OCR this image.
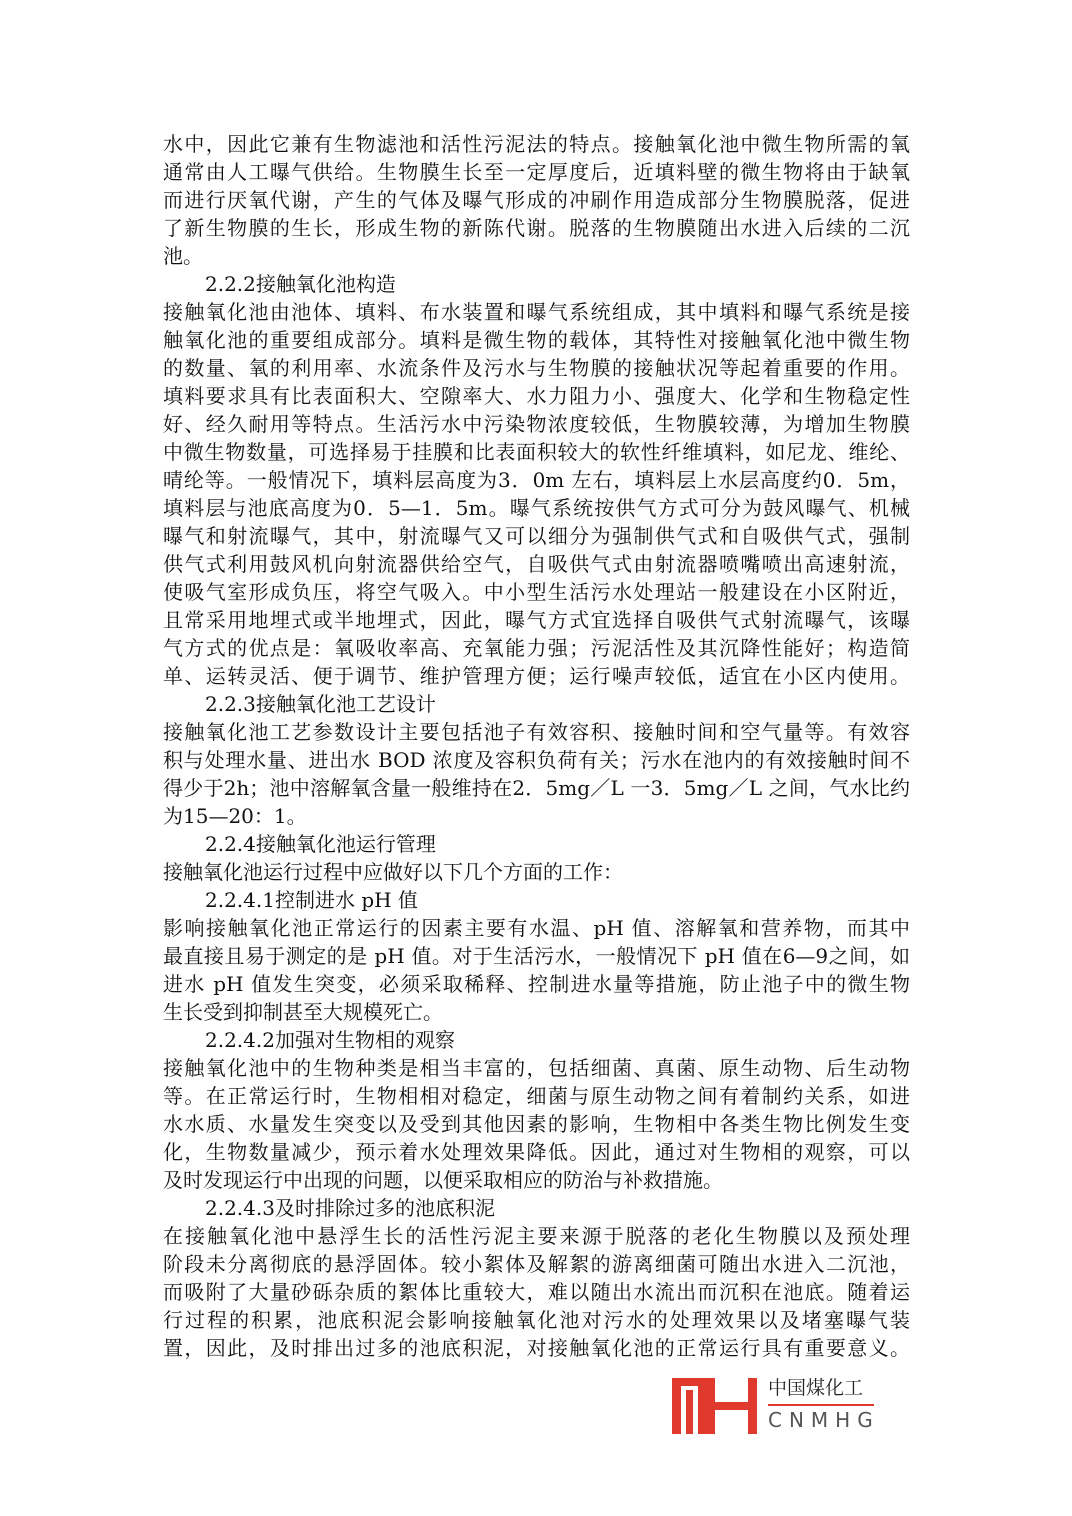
水中，因此它兼有生物滤池和活性污泥法的特点。接触氧化池中微生物所需的氧
通常由人工曝气供给。生物膜生长至一定厚度后，近填料壁的微生物将由于缺氧
而进行厌氧代谢，产生的气体及曝气形成的冲刷作用造成部分生物膜脱落，促进
了新生物膜的生长，形成生物的新陈代谢。脱落的生物膜随出水进入后续的二沉
池。
2.2.2接触氧化池构造
接触氧化池由池体、填料、布水装置和曝气系统组成，其中填料和曝气系统是接
触氧化池的重要组成部分。填料是微生物的载体，其特性对接触氧化池中微生物
的数量、氧的利用率、水流条件及污水与生物膜的接触状况等起着重要的作用。
填料要求具有比表面积大、空隙率大、水力阻力小、强度大、化学和生物稳定性
好、经久耐用等特点。生活污水中污染物浓度较低，生物膜较薄，为增加生物膜
中微生物数量，可选择易于挂膜和比表面积较大的软性纤维填料，如尼龙、维纶、
晴纶等。一般情况下，填料层高度为3．0m 左右，填料层上水层高度约0．5m，
填料层与池底高度为0．5—1．5m。曝气系统按供气方式可分为鼓风曝气、机械
曝气和射流曝气，其中，射流曝气又可以细分为强制供气式和自吸供气式，强制
供气式利用鼓风机向射流器供给空气，自吸供气式由射流器喷嘴喷出高速射流，
使吸气室形成负压，将空气吸入。中小型生活污水处理站一般建设在小区附近，
且常采用地埋式或半地埋式，因此，曝气方式宜选择自吸供气式射流曝气，该曝
气方式的优点是：氧吸收率高、充氧能力强；污泥活性及其沉降性能好；构造简
单、运转灵活、便于调节、维护管理方便；运行噪声较低，适宜在小区内使用。
2.2.3接触氧化池工艺设计
接触氧化池工艺参数设计主要包括池子有效容积、接触时间和空气量等。有效容
积与处理水量、进出水 BOD 浓度及容积负荷有关；污水在池内的有效接触时间不
得少于2h；池中溶解氧含量一般维持在2．5mg／L 一3．5mg／L 之间，气水比约
为15—20：1。
2.2.4接触氧化池运行管理
接触氧化池运行过程中应做好以下几个方面的工作：
2.2.4.1控制进水 pH 值
影响接触氧化池正常运行的因素主要有水温、pH 值、溶解氧和营养物，而其中
最直接且易于测定的是 pH 值。对于生活污水，一般情况下 pH 值在6—9之间，如
进水 pH 值发生突变，必须采取稀释、控制进水量等措施，防止池子中的微生物
生长受到抑制甚至大规模死亡。
2.2.4.2加强对生物相的观察
接触氧化池中的生物种类是相当丰富的，包括细菌、真菌、原生动物、后生动物
等。在正常运行时，生物相相对稳定，细菌与原生动物之间有着制约关系，如进
水水质、水量发生突变以及受到其他因素的影响，生物相中各类生物比例发生变
化，生物数量减少，预示着水处理效果降低。因此，通过对生物相的观察，可以
及时发现运行中出现的问题，以便采取相应的防治与补救措施。
2.2.4.3及时排除过多的池底积泥
在接触氧化池中悬浮生长的活性污泥主要来源于脱落的老化生物膜以及预处理
阶段未分离彻底的悬浮固体。较小絮体及解絮的游离细菌可随出水进入二沉池，
而吸附了大量砂砾杂质的絮体比重较大，难以随出水流出而沉积在池底。随着运
行过程的积累，池底积泥会影响接触氧化池对污水的处理效果以及堵塞曝气装
置，因此，及时排出过多的池底积泥，对接触氧化池的正常运行具有重要意义。
中国煤化工
CNMHG
